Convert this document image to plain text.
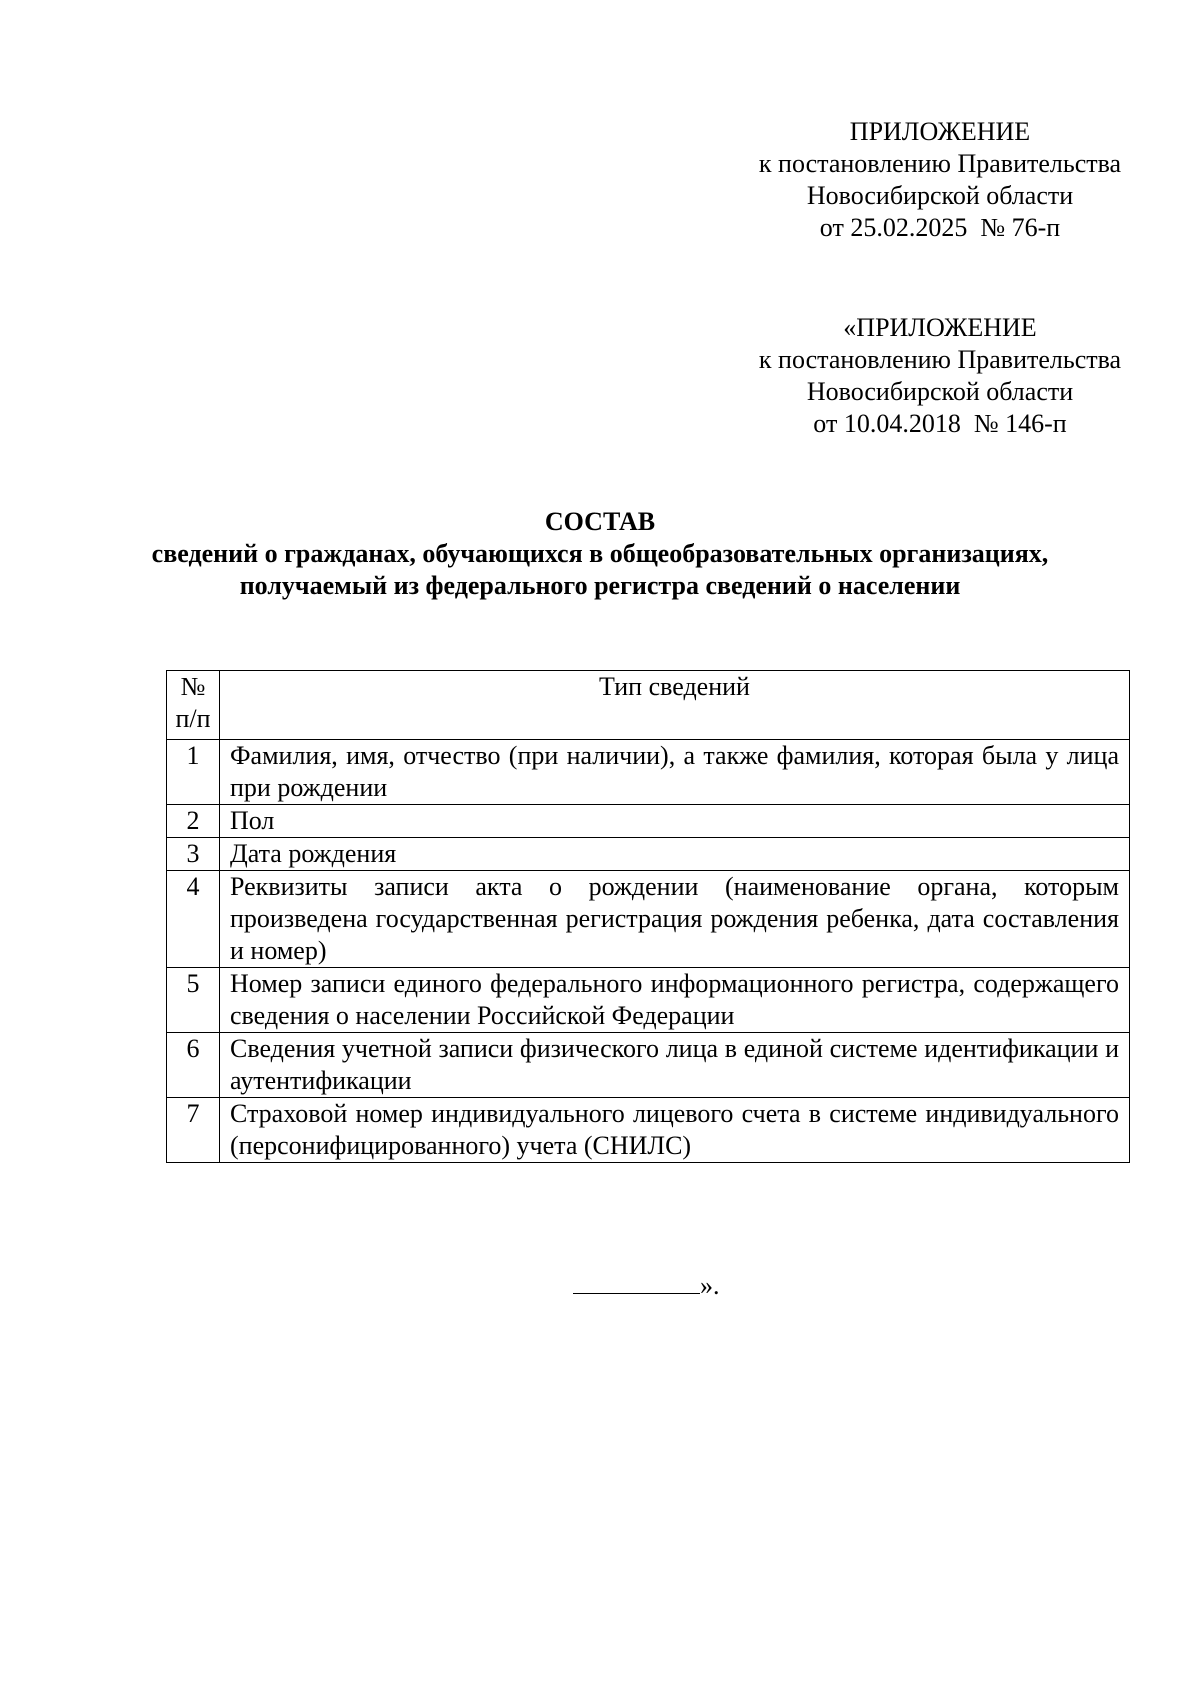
ПРИЛОЖЕНИЕ
к постановлению Правительства
Новосибирской области
от 25.02.2025  № 76-п
«ПРИЛОЖЕНИЕ
к постановлению Правительства
Новосибирской области
от 10.04.2018  № 146-п
СОСТАВ
сведений о гражданах, обучающихся в общеобразовательных организациях,
получаемый из федерального регистра сведений о населении
№
п/п	Тип сведений
1	Фамилия, имя, отчество (при наличии), а также фамилия, которая была у лица при рождении
2	Пол
3	Дата рождения
4	Реквизиты записи акта о рождении (наименование органа, которым произведена государственная регистрация рождения ребенка, дата составления и номер)
5	Номер записи единого федерального информационного регистра, содержащего сведения о населении Российской Федерации
6	Сведения учетной записи физического лица в единой системе идентификации и аутентификации
7	Страховой номер индивидуального лицевого счета в системе индивидуального (персонифицированного) учета (СНИЛС)
».
